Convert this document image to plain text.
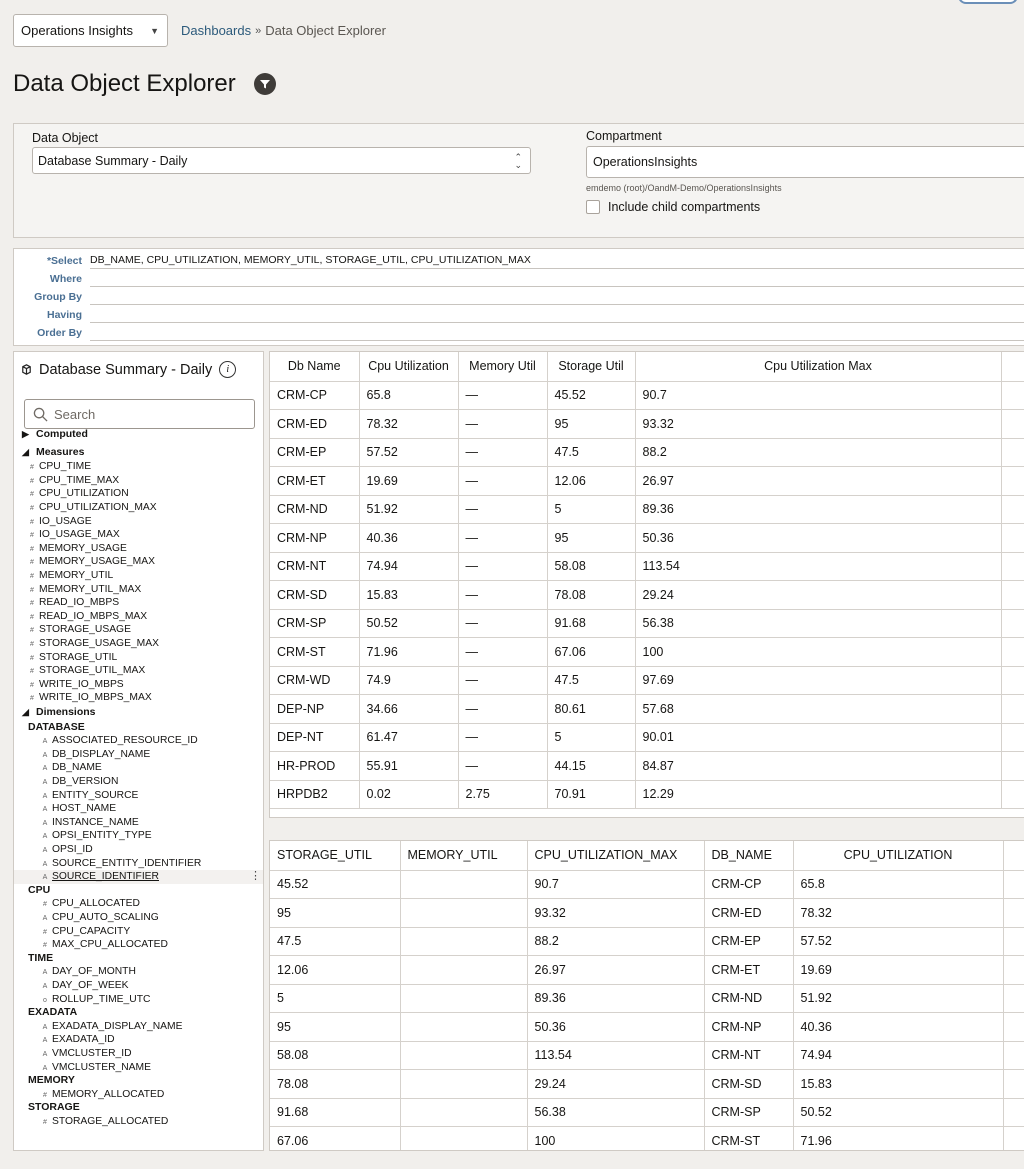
Operations Insights ▼ Dashboards » Data Object Explorer
Data Object Explorer
Data Object
Database Summary - Daily	⌃
⌄
Compartment
OperationsInsights
emdemo (root)/OandM-Demo/OperationsInsights
Include child compartments
*Select DB_NAME, CPU_UTILIZATION, MEMORY_UTIL, STORAGE_UTIL, CPU_UTILIZATION_MAX
Where
Group By
Having
Order By
Database Summary - Daily	i
Search
▶ Computed
◢ Measures
# CPU_TIME
# CPU_TIME_MAX
# CPU_UTILIZATION
# CPU_UTILIZATION_MAX
# IO_USAGE
# IO_USAGE_MAX
# MEMORY_USAGE
# MEMORY_USAGE_MAX
# MEMORY_UTIL
# MEMORY_UTIL_MAX
# READ_IO_MBPS
# READ_IO_MBPS_MAX
# STORAGE_USAGE
# STORAGE_USAGE_MAX
# STORAGE_UTIL
# STORAGE_UTIL_MAX
# WRITE_IO_MBPS
# WRITE_IO_MBPS_MAX
◢ Dimensions
DATABASE
A ASSOCIATED_RESOURCE_ID
A DB_DISPLAY_NAME
A DB_NAME
A DB_VERSION
A ENTITY_SOURCE
A HOST_NAME
A INSTANCE_NAME
A OPSI_ENTITY_TYPE
A OPSI_ID
A SOURCE_ENTITY_IDENTIFIER
A SOURCE_IDENTIFIER	⋮
CPU
# CPU_ALLOCATED
A CPU_AUTO_SCALING
# CPU_CAPACITY
# MAX_CPU_ALLOCATED
TIME
A DAY_OF_MONTH
A DAY_OF_WEEK
o ROLLUP_TIME_UTC
EXADATA
A EXADATA_DISPLAY_NAME
A EXADATA_ID
A VMCLUSTER_ID
A VMCLUSTER_NAME
MEMORY
# MEMORY_ALLOCATED
STORAGE
# STORAGE_ALLOCATED
Db Name	Cpu Utilization	Memory Util	Storage Util	Cpu Utilization Max	
CRM-CP	65.8	—	45.52	90.7	
CRM-ED	78.32	—	95	93.32	
CRM-EP	57.52	—	47.5	88.2	
CRM-ET	19.69	—	12.06	26.97	
CRM-ND	51.92	—	5	89.36	
CRM-NP	40.36	—	95	50.36	
CRM-NT	74.94	—	58.08	113.54	
CRM-SD	15.83	—	78.08	29.24	
CRM-SP	50.52	—	91.68	56.38	
CRM-ST	71.96	—	67.06	100	
CRM-WD	74.9	—	47.5	97.69	
DEP-NP	34.66	—	80.61	57.68	
DEP-NT	61.47	—	5	90.01	
HR-PROD	55.91	—	44.15	84.87	
HRPDB2	0.02	2.75	70.91	12.29	
STORAGE_UTIL	MEMORY_UTIL	CPU_UTILIZATION_MAX	DB_NAME	CPU_UTILIZATION	
45.52		90.7	CRM-CP	65.8	
95		93.32	CRM-ED	78.32	
47.5		88.2	CRM-EP	57.52	
12.06		26.97	CRM-ET	19.69	
5		89.36	CRM-ND	51.92	
95		50.36	CRM-NP	40.36	
58.08		113.54	CRM-NT	74.94	
78.08		29.24	CRM-SD	15.83	
91.68		56.38	CRM-SP	50.52	
67.06		100	CRM-ST	71.96	
